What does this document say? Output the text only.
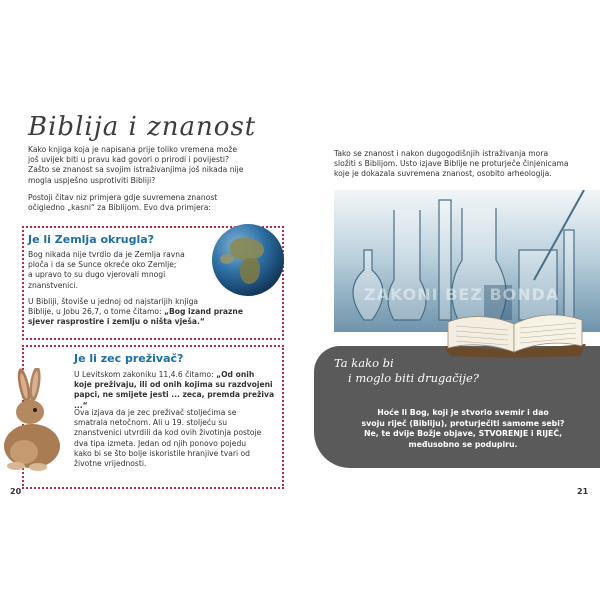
Biblija i znanost
Kako knjiga koja je napisana prije toliko vremena može
još uvijek biti u pravu kad govori o prirodi i povijesti?
Zašto se znanost sa svojim istraživanjima još nikada nije
mogla uspješno usprotiviti Bibliji?
Postoji čitav niz primjera gdje suvremena znanost
očigledno „kasni“ za Biblijom. Evo dva primjera:
Je li Zemlja okrugla?
Bog nikada nije tvrdio da je Zemlja ravna
ploča i da se Sunce okreće oko Zemlje;
a upravo to su dugo vjerovali mnogi
znanstvenici.
U Bibliji, štoviše u jednoj od najstarijih knjiga
Biblije, u Jobu 26,7, o tome čitamo: „Bog izand prazne
sjever rasprostire i zemlju o ništa vješa.“
Je li zec preživač?
U Levitskom zakoniku 11,4.6 čitamo: „Od onih
koje preživaju, ili od onih kojima su razdvojeni
papci, ne smijete jesti ... zeca, premda preživa ...“
Ova izjava da je zec preživač stoljećima se
smatrala netočnom. Ali u 19. stoljeću su
znanstvenici utvrdili da kod ovih životinja postoje
dva tipa izmeta. Jedan od njih ponovo pojedu
kako bi se što bolje iskoristile hranjive tvari od
životne vrijednosti.
20
Tako se znanost i nakon dugogodišnjih istraživanja mora
složiti s Biblijom. Usto izjave Biblije ne proturječe činjenicama
koje je dokazala suvremena znanost, osobito arheologija.
ZAKONI BEZ BONDA
Ta kako bi
i moglo biti drugačije?
Hoće li Bog, koji je stvorio svemir i dao
svoju riječ (Bibliju), proturječiti samome sebi?
Ne, te dvije Božje objave, STVORENJE i RIJEČ,
međusobno se podupiru.
21
